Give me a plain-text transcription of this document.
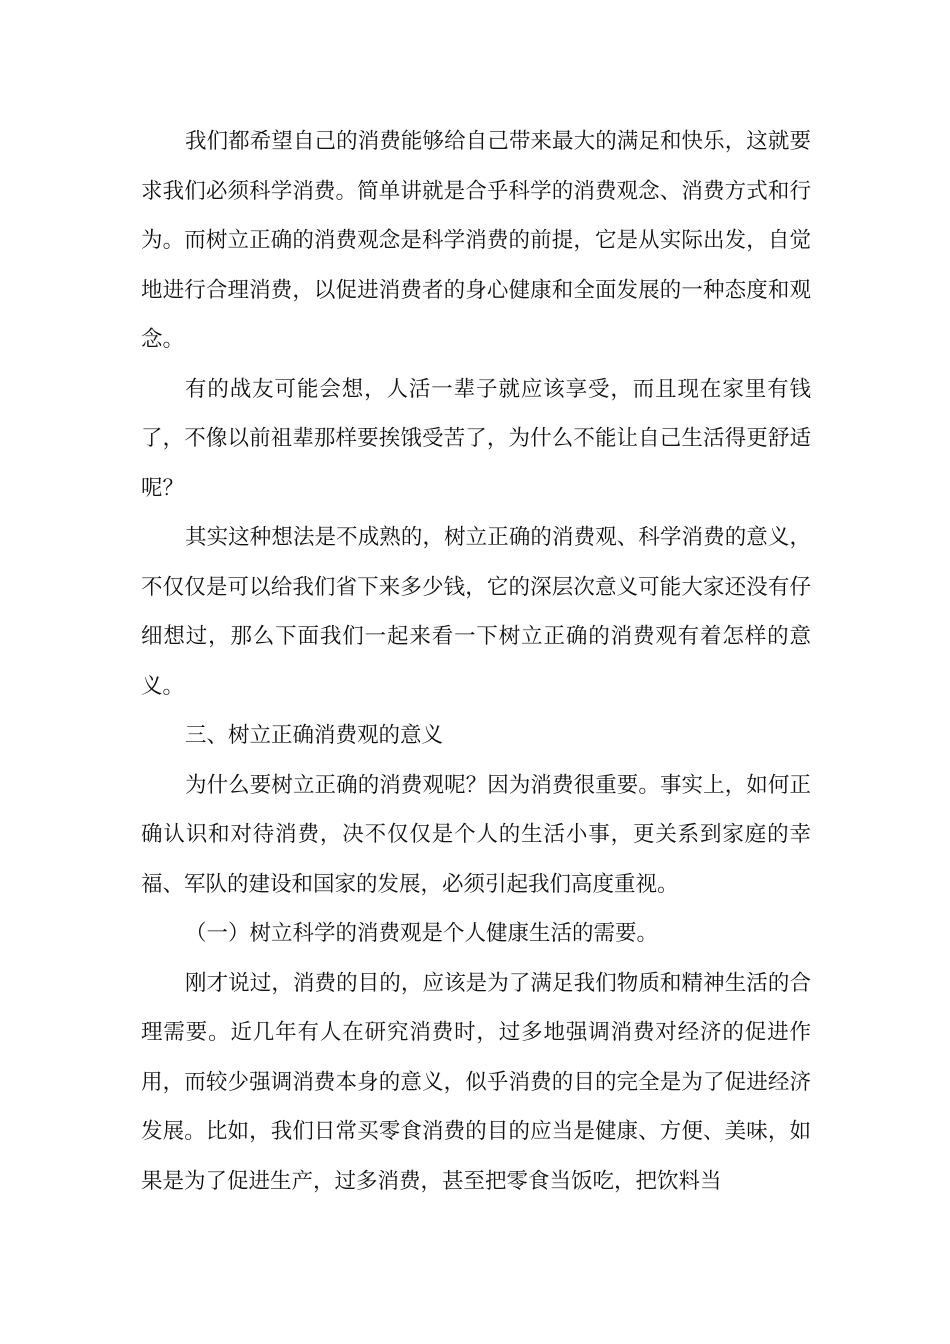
我们都希望自己的消费能够给自己带来最大的满足和快乐，这就要求我们必须科学消费。简单讲就是合乎科学的消费观念、消费方式和行为。而树立正确的消费观念是科学消费的前提，它是从实际出发，自觉地进行合理消费，以促进消费者的身心健康和全面发展的一种态度和观念。

有的战友可能会想，人活一辈子就应该享受，而且现在家里有钱了，不像以前祖辈那样要挨饿受苦了，为什么不能让自己生活得更舒适呢？

其实这种想法是不成熟的，树立正确的消费观、科学消费的意义，不仅仅是可以给我们省下来多少钱，它的深层次意义可能大家还没有仔细想过，那么下面我们一起来看一下树立正确的消费观有着怎样的意义。

三、树立正确消费观的意义

为什么要树立正确的消费观呢？因为消费很重要。事实上，如何正确认识和对待消费，决不仅仅是个人的生活小事，更关系到家庭的幸福、军队的建设和国家的发展，必须引起我们高度重视。

（一）树立科学的消费观是个人健康生活的需要。

刚才说过，消费的目的，应该是为了满足我们物质和精神生活的合理需要。近几年有人在研究消费时，过多地强调消费对经济的促进作用，而较少强调消费本身的意义，似乎消费的目的完全是为了促进经济发展。比如，我们日常买零食消费的目的应当是健康、方便、美味，如果是为了促进生产，过多消费，甚至把零食当饭吃，把饮料当
